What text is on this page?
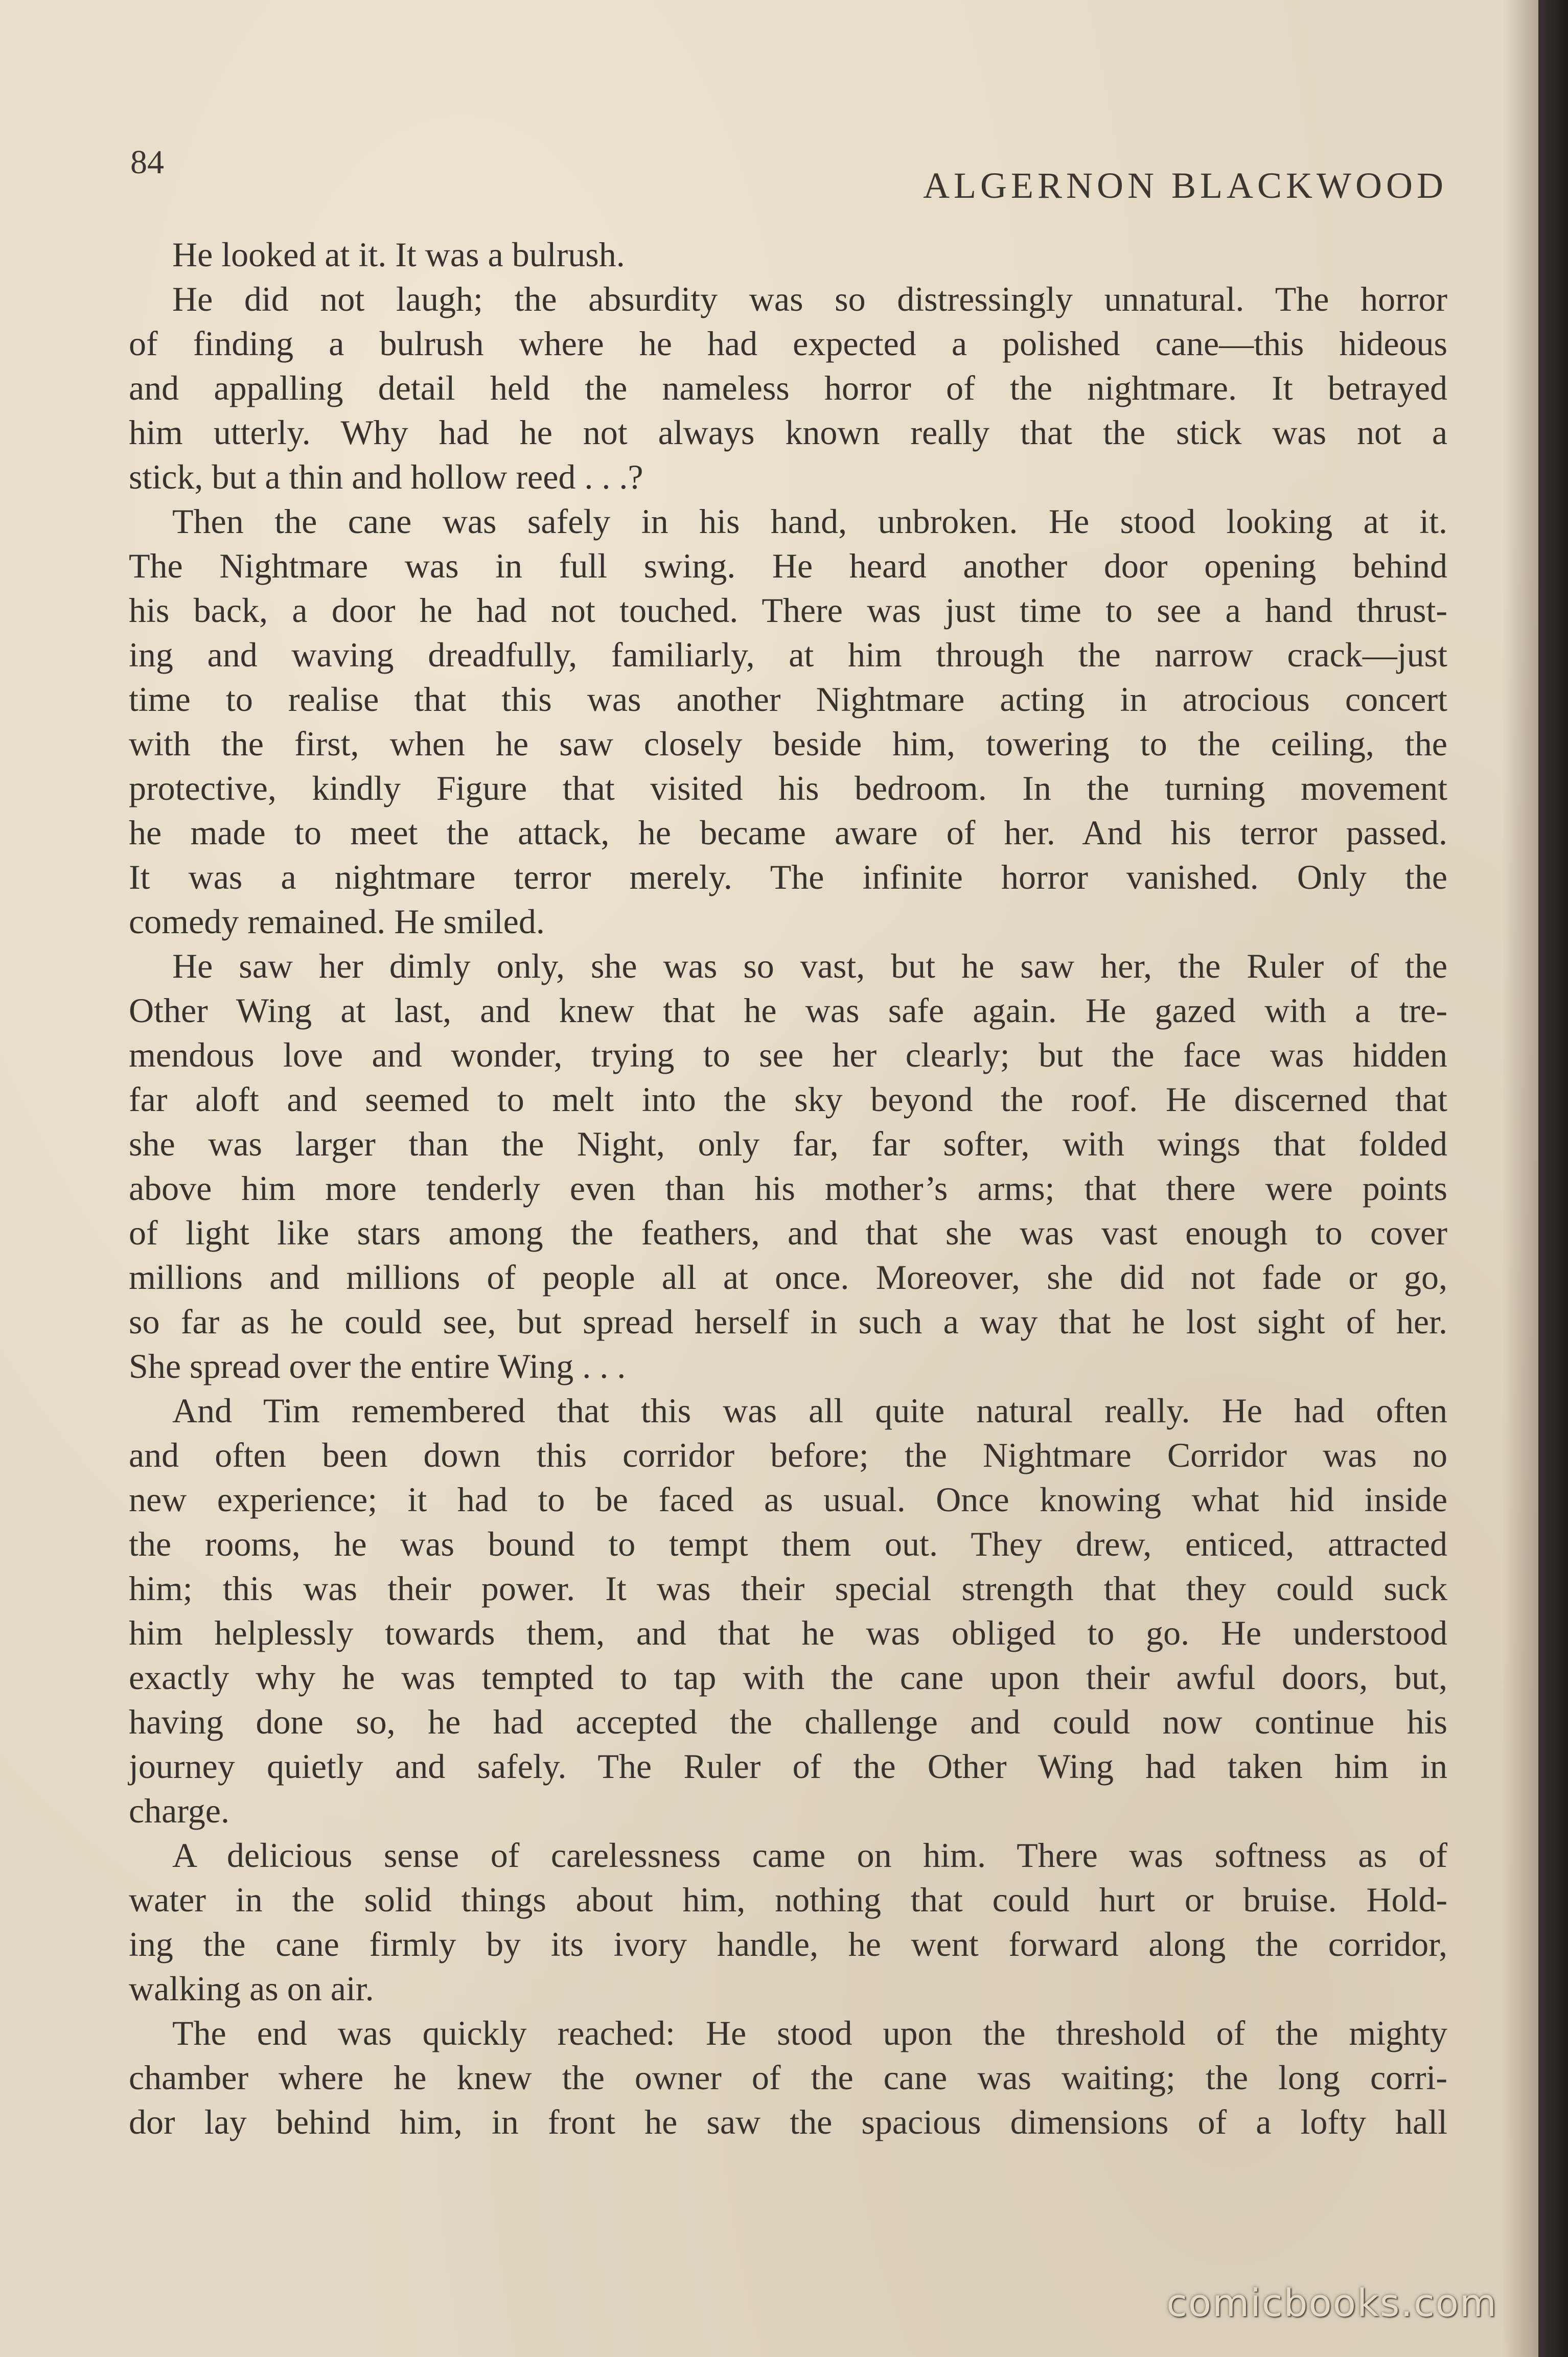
84
ALGERNON BLACKWOOD
He looked at it. It was a bulrush.
He did not laugh; the absurdity was so distressingly unnatural. The horror
of finding a bulrush where he had expected a polished cane—this hideous
and appalling detail held the nameless horror of the nightmare. It betrayed
him utterly. Why had he not always known really that the stick was not a
stick, but a thin and hollow reed . . .?
Then the cane was safely in his hand, unbroken. He stood looking at it.
The Nightmare was in full swing. He heard another door opening behind
his back, a door he had not touched. There was just time to see a hand thrust-
ing and waving dreadfully, familiarly, at him through the narrow crack—just
time to realise that this was another Nightmare acting in atrocious concert
with the first, when he saw closely beside him, towering to the ceiling, the
protective, kindly Figure that visited his bedroom. In the turning movement
he made to meet the attack, he became aware of her. And his terror passed.
It was a nightmare terror merely. The infinite horror vanished. Only the
comedy remained. He smiled.
He saw her dimly only, she was so vast, but he saw her, the Ruler of the
Other Wing at last, and knew that he was safe again. He gazed with a tre-
mendous love and wonder, trying to see her clearly; but the face was hidden
far aloft and seemed to melt into the sky beyond the roof. He discerned that
she was larger than the Night, only far, far softer, with wings that folded
above him more tenderly even than his mother’s arms; that there were points
of light like stars among the feathers, and that she was vast enough to cover
millions and millions of people all at once. Moreover, she did not fade or go,
so far as he could see, but spread herself in such a way that he lost sight of her.
She spread over the entire Wing . . .
And Tim remembered that this was all quite natural really. He had often
and often been down this corridor before; the Nightmare Corridor was no
new experience; it had to be faced as usual. Once knowing what hid inside
the rooms, he was bound to tempt them out. They drew, enticed, attracted
him; this was their power. It was their special strength that they could suck
him helplessly towards them, and that he was obliged to go. He understood
exactly why he was tempted to tap with the cane upon their awful doors, but,
having done so, he had accepted the challenge and could now continue his
journey quietly and safely. The Ruler of the Other Wing had taken him in
charge.
A delicious sense of carelessness came on him. There was softness as of
water in the solid things about him, nothing that could hurt or bruise. Hold-
ing the cane firmly by its ivory handle, he went forward along the corridor,
walking as on air.
The end was quickly reached: He stood upon the threshold of the mighty
chamber where he knew the owner of the cane was waiting; the long corri-
dor lay behind him, in front he saw the spacious dimensions of a lofty hall
comicbooks.com
